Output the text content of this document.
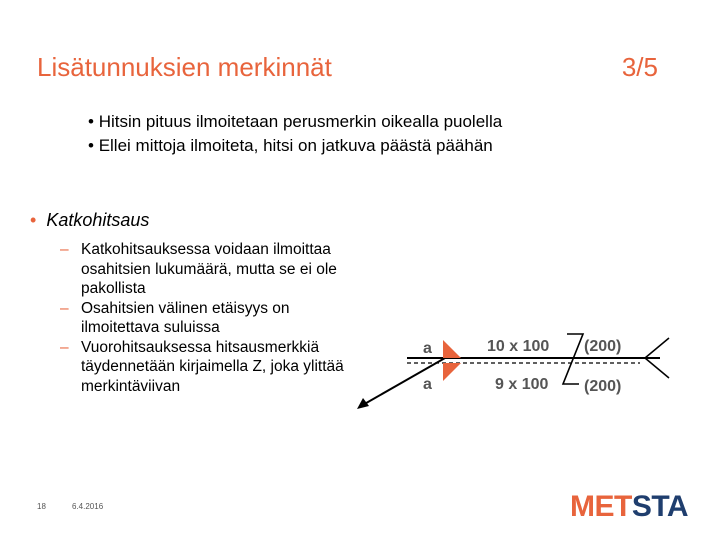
Lisätunnuksien merkinnät	3/5
• Hitsin pituus ilmoitetaan perusmerkin oikealla puolella
• Ellei mittoja ilmoiteta, hitsi on jatkuva päästä päähän
• Katkohitsaus
– Katkohitsauksessa voidaan ilmoittaa osahitsien lukumäärä, mutta se ei ole pakollista
– Osahitsien välinen etäisyys on ilmoitettava suluissa
– Vuorohitsauksessa hitsausmerkkiä täydennetään kirjaimella Z, joka ylittää merkintäviivan
a	10 x 100 (200)
a	9 x 100 (200)
18	6.4.2016	METSTA
